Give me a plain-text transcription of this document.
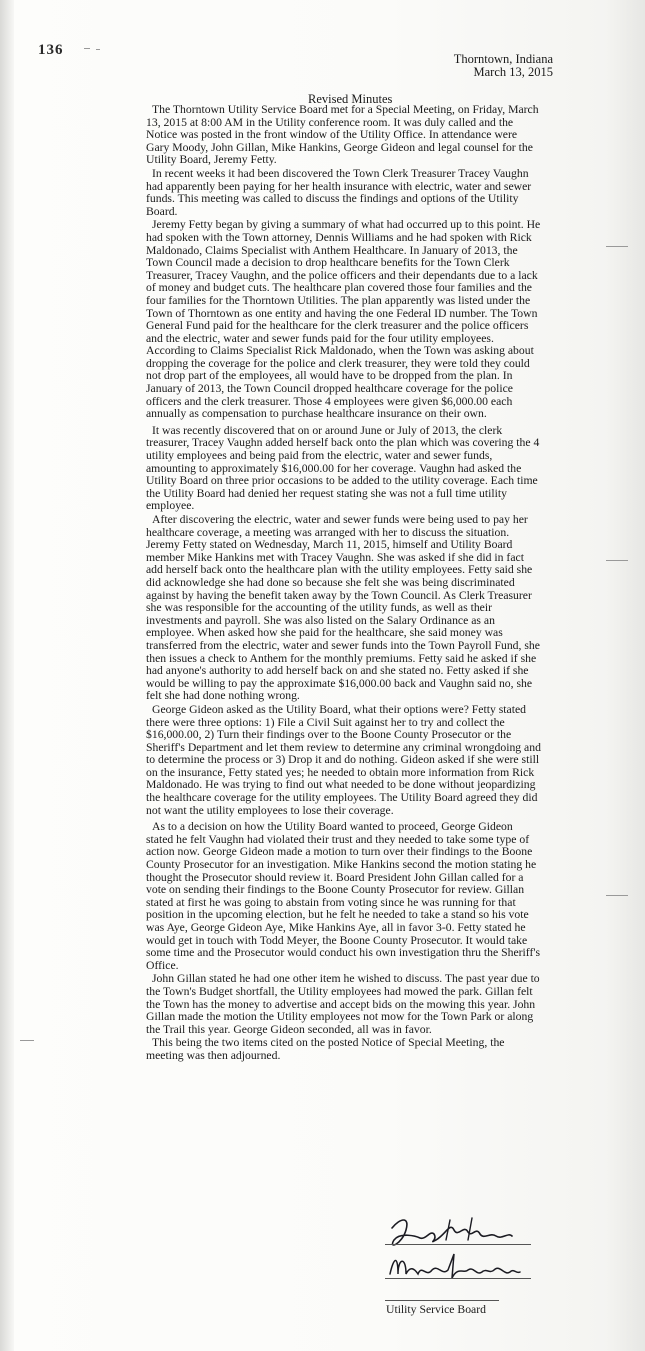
136
Thorntown, Indiana
March 13, 2015
Revised Minutes

The Thorntown Utility Service Board met for a Special Meeting, on Friday, March 13, 2015 at 8:00 AM in the Utility conference room. It was duly called and the Notice was posted in the front window of the Utility Office. In attendance were Gary Moody, John Gillan, Mike Hankins, George Gideon and legal counsel for the Utility Board, Jeremy Fetty.

In recent weeks it had been discovered the Town Clerk Treasurer Tracey Vaughn had apparently been paying for her health insurance with electric, water and sewer funds. This meeting was called to discuss the findings and options of the Utility Board.

Jeremy Fetty began by giving a summary of what had occurred up to this point. He had spoken with the Town attorney, Dennis Williams and he had spoken with Rick Maldonado, Claims Specialist with Anthem Healthcare. In January of 2013, the Town Council made a decision to drop healthcare benefits for the Town Clerk Treasurer, Tracey Vaughn, and the police officers and their dependants due to a lack of money and budget cuts. The healthcare plan covered those four families and the four families for the Thorntown Utilities. The plan apparently was listed under the Town of Thorntown as one entity and having the one Federal ID number. The Town General Fund paid for the healthcare for the clerk treasurer and the police officers and the electric, water and sewer funds paid for the four utility employees. According to Claims Specialist Rick Maldonado, when the Town was asking about dropping the coverage for the police and clerk treasurer, they were told they could not drop part of the employees, all would have to be dropped from the plan. In January of 2013, the Town Council dropped healthcare coverage for the police officers and the clerk treasurer. Those 4 employees were given $6,000.00 each annually as compensation to purchase healthcare insurance on their own.

It was recently discovered that on or around June or July of 2013, the clerk treasurer, Tracey Vaughn added herself back onto the plan which was covering the 4 utility employees and being paid from the electric, water and sewer funds, amounting to approximately $16,000.00 for her coverage. Vaughn had asked the Utility Board on three prior occasions to be added to the utility coverage. Each time the Utility Board had denied her request stating she was not a full time utility employee.

After discovering the electric, water and sewer funds were being used to pay her healthcare coverage, a meeting was arranged with her to discuss the situation. Jeremy Fetty stated on Wednesday, March 11, 2015, himself and Utility Board member Mike Hankins met with Tracey Vaughn. She was asked if she did in fact add herself back onto the healthcare plan with the utility employees. Fetty said she did acknowledge she had done so because she felt she was being discriminated against by having the benefit taken away by the Town Council. As Clerk Treasurer she was responsible for the accounting of the utility funds, as well as their investments and payroll. She was also listed on the Salary Ordinance as an employee. When asked how she paid for the healthcare, she said money was transferred from the electric, water and sewer funds into the Town Payroll Fund, she then issues a check to Anthem for the monthly premiums. Fetty said he asked if she had anyone's authority to add herself back on and she stated no. Fetty asked if she would be willing to pay the approximate $16,000.00 back and Vaughn said no, she felt she had done nothing wrong.

George Gideon asked as the Utility Board, what their options were? Fetty stated there were three options: 1) File a Civil Suit against her to try and collect the $16,000.00, 2) Turn their findings over to the Boone County Prosecutor or the Sheriff's Department and let them review to determine any criminal wrongdoing and to determine the process or 3) Drop it and do nothing. Gideon asked if she were still on the insurance, Fetty stated yes; he needed to obtain more information from Rick Maldonado. He was trying to find out what needed to be done without jeopardizing the healthcare coverage for the utility employees. The Utility Board agreed they did not want the utility employees to lose their coverage.

As to a decision on how the Utility Board wanted to proceed, George Gideon stated he felt Vaughn had violated their trust and they needed to take some type of action now. George Gideon made a motion to turn over their findings to the Boone County Prosecutor for an investigation. Mike Hankins second the motion stating he thought the Prosecutor should review it. Board President John Gillan called for a vote on sending their findings to the Boone County Prosecutor for review. Gillan stated at first he was going to abstain from voting since he was running for that position in the upcoming election, but he felt he needed to take a stand so his vote was Aye, George Gideon Aye, Mike Hankins Aye, all in favor 3-0. Fetty stated he would get in touch with Todd Meyer, the Boone County Prosecutor. It would take some time and the Prosecutor would conduct his own investigation thru the Sheriff's Office.

John Gillan stated he had one other item he wished to discuss. The past year due to the Town's Budget shortfall, the Utility employees had mowed the park. Gillan felt the Town has the money to advertise and accept bids on the mowing this year. John Gillan made the motion the Utility employees not mow for the Town Park or along the Trail this year. George Gideon seconded, all was in favor.

This being the two items cited on the posted Notice of Special Meeting, the meeting was then adjourned.

Utility Service Board
